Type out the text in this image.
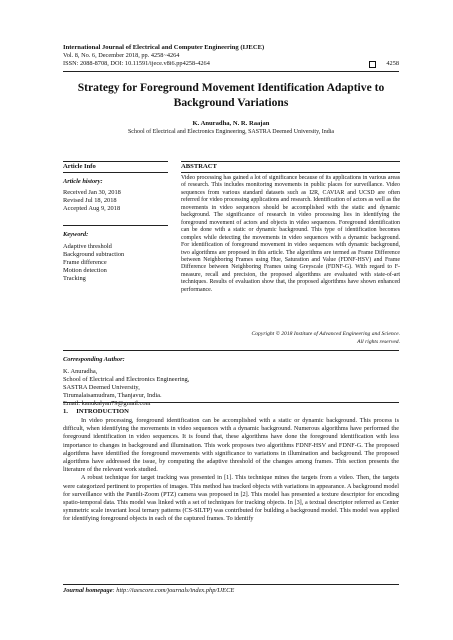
International Journal of Electrical and Computer Engineering (IJECE)
Vol. 8, No. 6, December 2018, pp. 4258~4264
ISSN: 2088-8708, DOI: 10.11591/ijece.v8i6.pp4258-4264	4258
Strategy for Foreground Movement Identification Adaptive to Background Variations
K. Anuradha, N. R. Raajan
School of Electrical and Electronics Engineering, SASTRA Deemed University, India
Article Info	ABSTRACT
Article history:
Received Jan 30, 2018
Revised Jul 18, 2018
Accepted Aug 9, 2018
Keyword:
Adaptive threshold
Background subtraction
Frame difference
Motion detection
Tracking
Video processing has gained a lot of significance because of its applications in various areas of research. This includes monitoring movements in public places for surveillance. Video sequences from various standard datasets such as I2R, CAVIAR and UCSD are often referred for video processing applications and research. Identification of actors as well as the movements in video sequences should be accomplished with the static and dynamic background. The significance of research in video processing lies in identifying the foreground movement of actors and objects in video sequences. Foreground identification can be done with a static or dynamic background. This type of identification becomes complex while detecting the movements in video sequences with a dynamic background. For identification of foreground movement in video sequences with dynamic background, two algorithms are proposed in this article. The algorithms are termed as Frame Difference between Neighboring Frames using Hue, Saturation and Value (FDNF-HSV) and Frame Difference between Neighboring Frames using Greyscale (FDNF-G). With regard to F-measure, recall and precision, the proposed algorithms are evaluated with state-of-art techniques. Results of evaluation show that, the proposed algorithms have shown enhanced performance.
Copyright © 2018 Institute of Advanced Engineering and Science.
All rights reserved.
Corresponding Author:
K. Anuradha,
School of Electrical and Electronics Engineering,
SASTRA Deemed University,
Tirumalaisamudram, Thanjavur, India.
Email: kanukalyan79@gmail.com
1.     INTRODUCTION

In video processing, foreground identification can be accomplished with a static or dynamic background. This process is difficult, when identifying the movements in video sequences with a dynamic background. Numerous algorithms have performed the foreground identification in video sequences. It is found that, these algorithms have done the foreground identification with less importance to changes in background and illumination. This work proposes two algorithms FDNF-HSV and FDNF-G. The proposed algorithms have identified the foreground movements with significance to variations in illumination and background. The proposed algorithms have addressed the issue, by computing the adaptive threshold of the changes among frames. This section presents the literature of the relevant work studied.

A robust technique for target tracking was presented in [1]. This technique mines the targets from a video. Then, the targets were categorized pertinent to properties of images. This method has tracked objects with variations in appearance. A background model for surveillance with the Pantilt-Zoom (PTZ) camera was proposed in [2]. This model has presented a texture descriptor for encoding spatio-temporal data. This model was linked with a set of techniques for tracking objects. In [3], a textual descriptor referred as Center symmetric scale invariant local ternary patterns (CS-SILTP) was contributed for building a background model. This model was applied for identifying foreground objects in each of the captured frames. To identify

Journal homepage: http://iaescore.com/journals/index.php/IJECE
